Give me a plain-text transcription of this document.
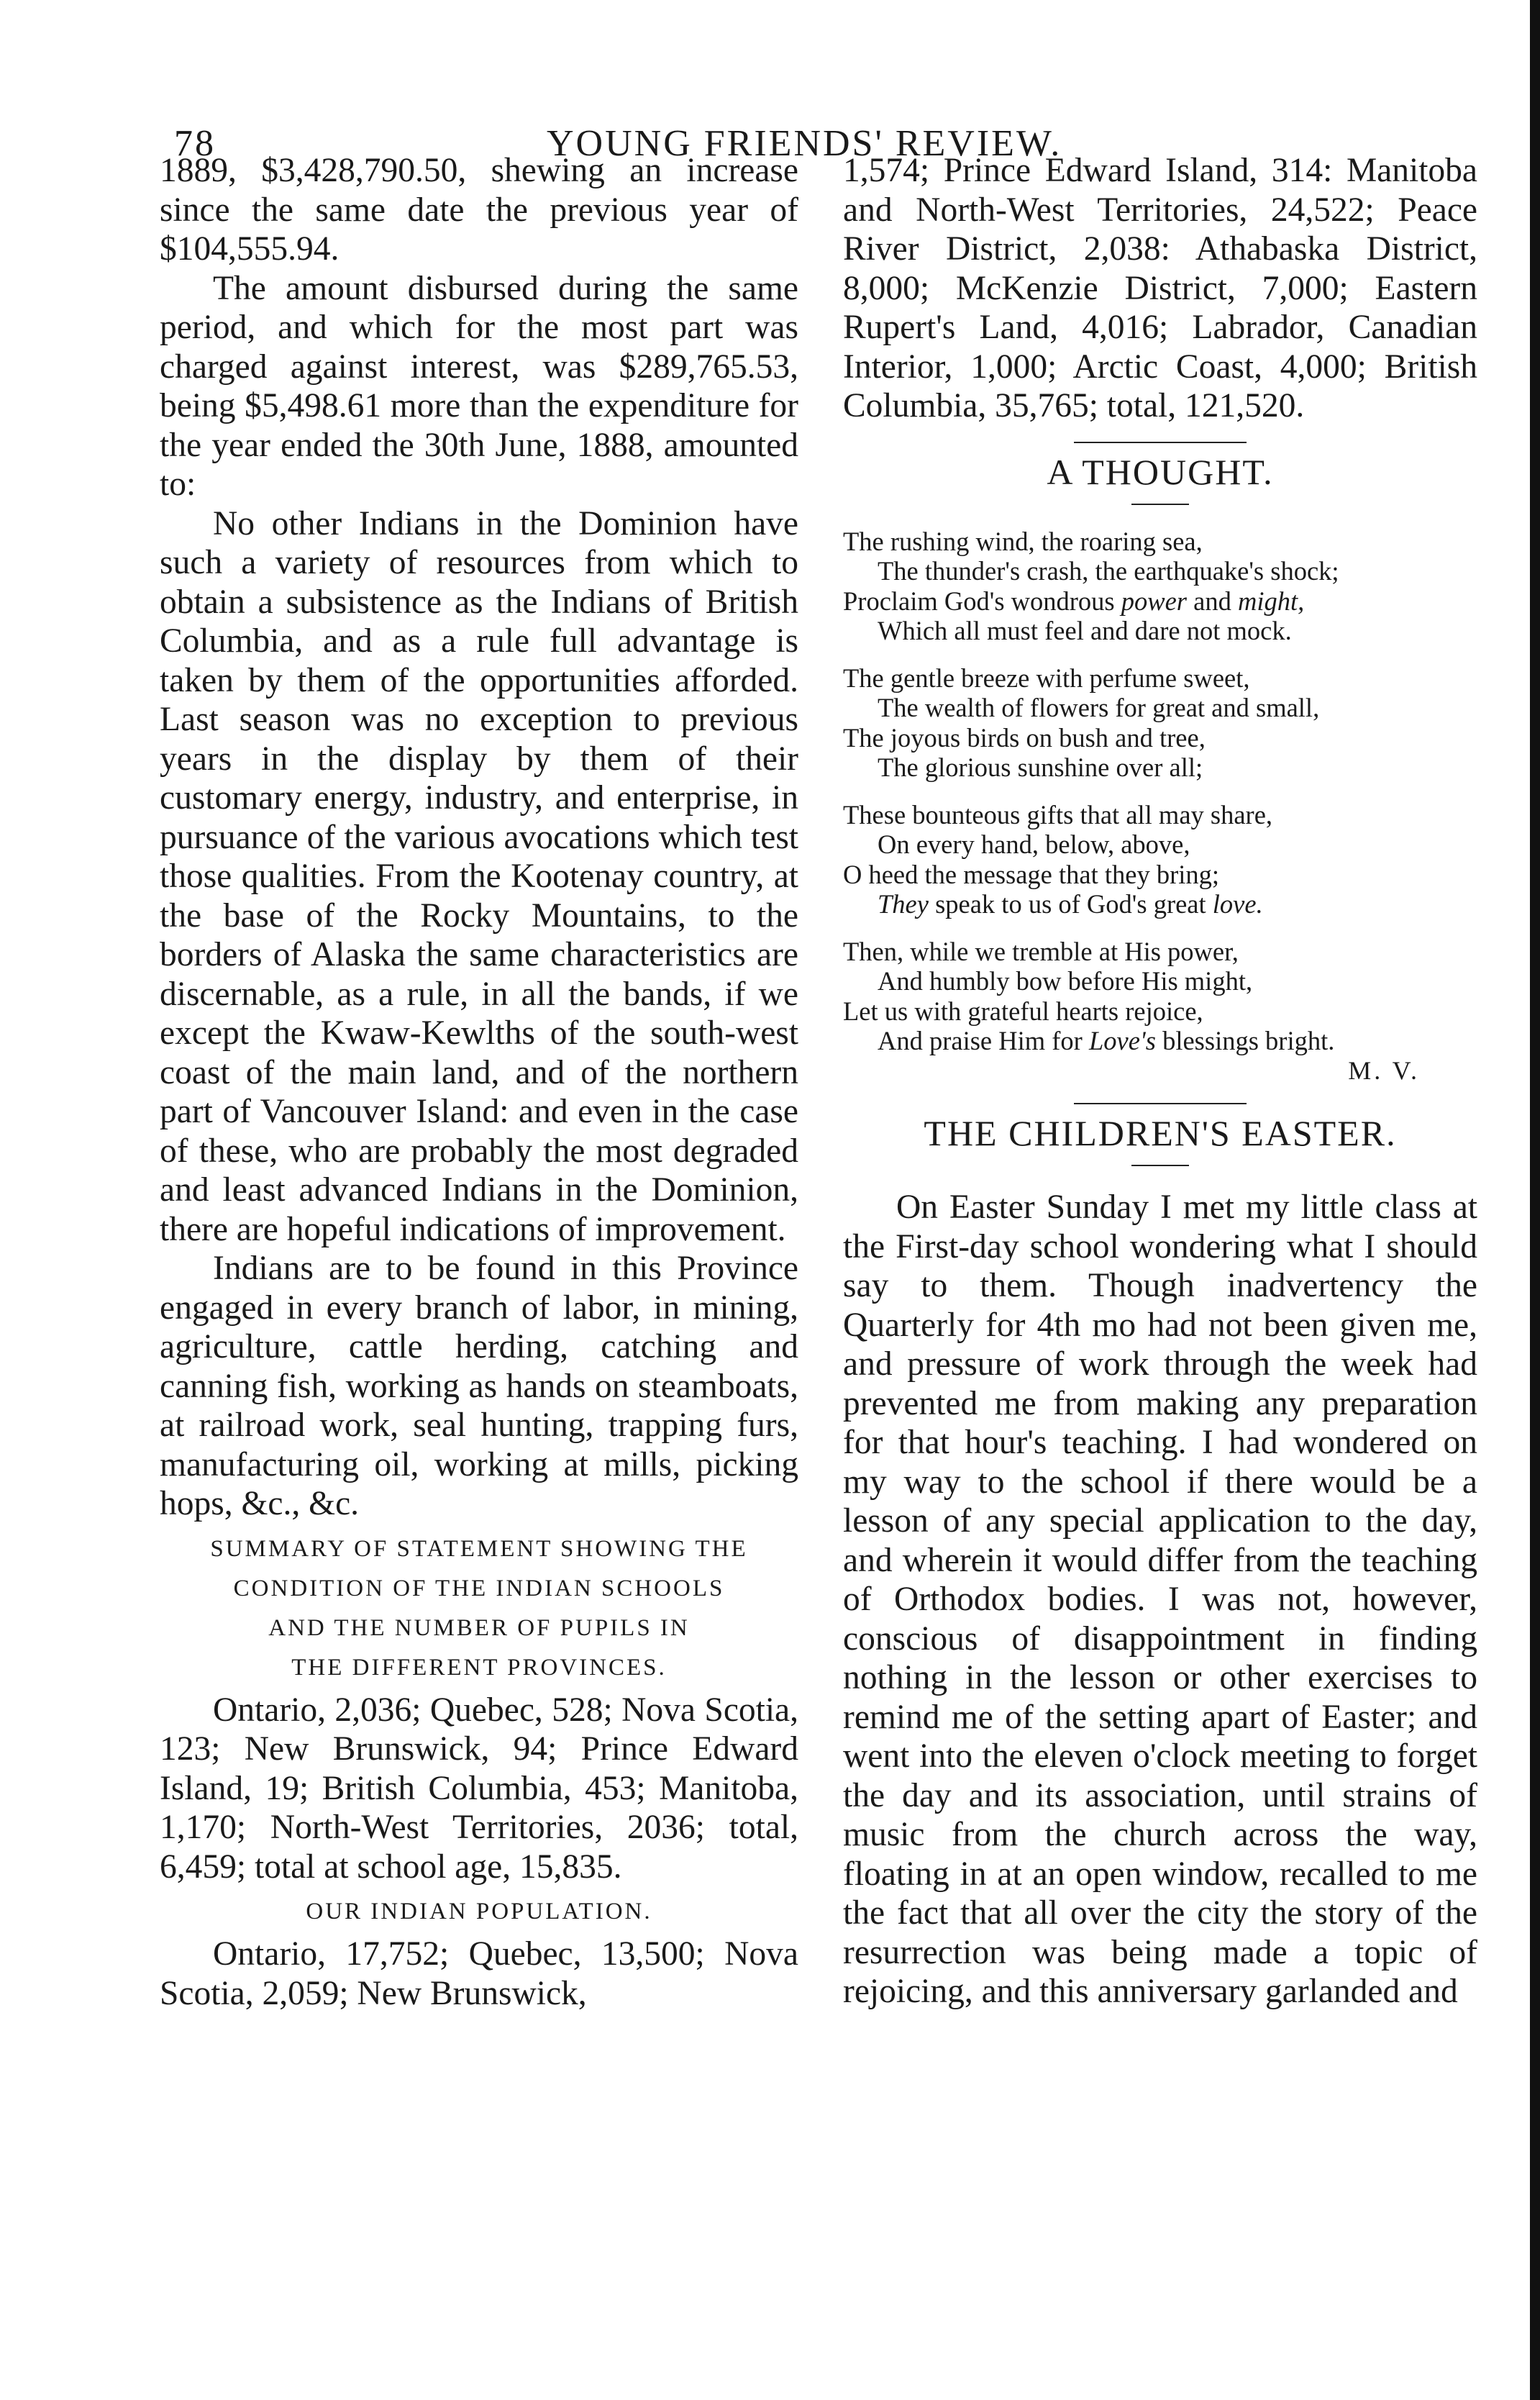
78	YOUNG FRIENDS' REVIEW.

1889, $3,428,790.50, shewing an increase since the same date the previous year of $104,555.94.

The amount disbursed during the same period, and which for the most part was charged against interest, was $289,765.53, being $5,498.61 more than the expenditure for the year ended the 30th June, 1888, amounted to:

No other Indians in the Dominion have such a variety of resources from which to obtain a subsistence as the Indians of British Columbia, and as a rule full advantage is taken by them of the opportunities afforded. Last season was no exception to previous years in the display by them of their customary energy, industry, and enterprise, in pursuance of the various avocations which test those qualities. From the Kootenay country, at the base of the Rocky Mountains, to the borders of Alaska the same characteristics are discernable, as a rule, in all the bands, if we except the Kwaw-Kewlths of the south-west coast of the main land, and of the northern part of Vancouver Island: and even in the case of these, who are probably the most degraded and least advanced Indians in the Dominion, there are hopeful indications of improvement.

Indians are to be found in this Province engaged in every branch of labor, in mining, agriculture, cattle herding, catching and canning fish, working as hands on steamboats, at railroad work, seal hunting, trapping furs, manufacturing oil, working at mills, picking hops, &c., &c.

SUMMARY OF STATEMENT SHOWING THE
CONDITION OF THE INDIAN SCHOOLS
AND THE NUMBER OF PUPILS IN
THE DIFFERENT PROVINCES.

Ontario, 2,036; Quebec, 528; Nova Scotia, 123; New Brunswick, 94; Prince Edward Island, 19; British Columbia, 453; Manitoba, 1,170; North-West Territories, 2036; total, 6,459; total at school age, 15,835.

OUR INDIAN POPULATION.

Ontario, 17,752; Quebec, 13,500; Nova Scotia, 2,059; New Brunswick,

1,574; Prince Edward Island, 314: Manitoba and North-West Territories, 24,522; Peace River District, 2,038: Athabaska District, 8,000; McKenzie District, 7,000; Eastern Rupert's Land, 4,016; Labrador, Canadian Interior, 1,000; Arctic Coast, 4,000; British Columbia, 35,765; total, 121,520.

A THOUGHT.
The rushing wind, the roaring sea,
The thunder's crash, the earthquake's shock;
Proclaim God's wondrous power and might,
Which all must feel and dare not mock.
The gentle breeze with perfume sweet,
The wealth of flowers for great and small,
The joyous birds on bush and tree,
The glorious sunshine over all;
These bounteous gifts that all may share,
On every hand, below, above,
O heed the message that they bring;
They speak to us of God's great love.
Then, while we tremble at His power,
And humbly bow before His might,
Let us with grateful hearts rejoice,
And praise Him for Love's blessings bright.
M. V.
THE CHILDREN'S EASTER.

On Easter Sunday I met my little class at the First-day school wondering what I should say to them. Though inadvertency the Quarterly for 4th mo had not been given me, and pressure of work through the week had prevented me from making any preparation for that hour's teaching. I had wondered on my way to the school if there would be a lesson of any special application to the day, and wherein it would differ from the teaching of Orthodox bodies. I was not, however, conscious of disappointment in finding nothing in the lesson or other exercises to remind me of the setting apart of Easter; and went into the eleven o'clock meeting to forget the day and its association, until strains of music from the church across the way, floating in at an open window, recalled to me the fact that all over the city the story of the resurrection was being made a topic of rejoicing, and this anniversary garlanded and
